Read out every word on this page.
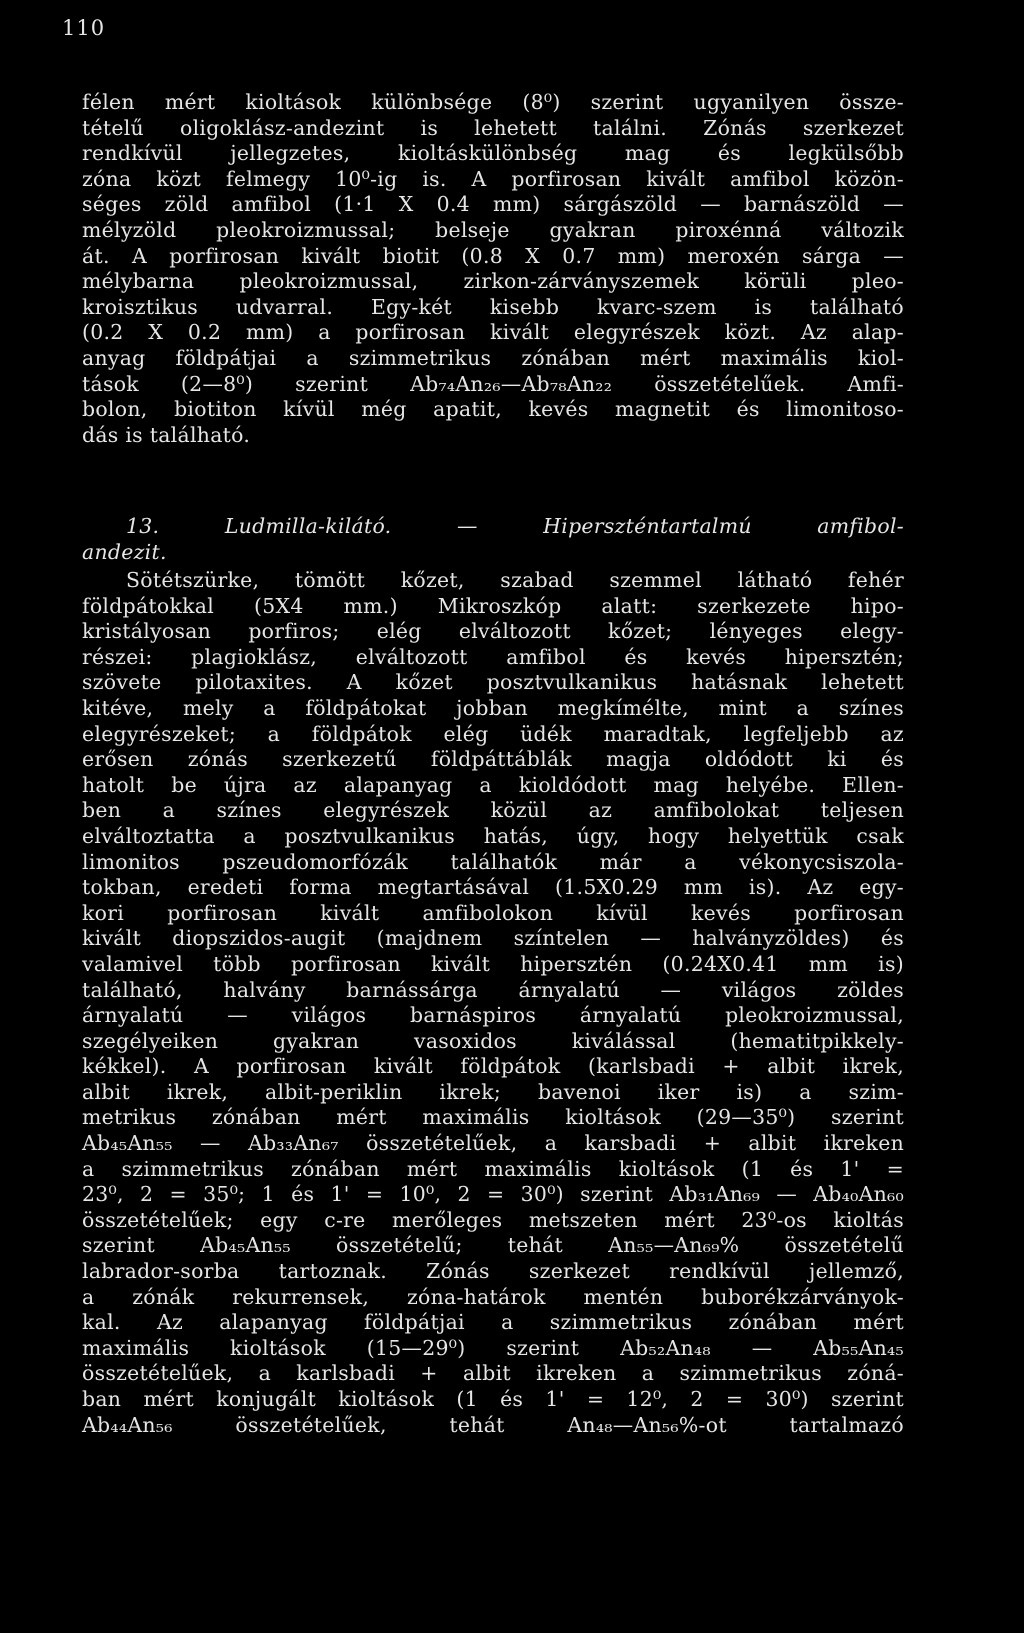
110

félen mért kioltások különbsége (8⁰) szerint ugyanilyen össze-

tételű oligoklász-andezint is lehetett találni. Zónás szerkezet

rendkívül jellegzetes, kioltáskülönbség mag és legkülsőbb

zóna közt felmegy 10⁰-ig is. A porfirosan kivált amfibol közön-

séges zöld amfibol (1·1 X 0.4 mm) sárgászöld — barnászöld —

mélyzöld pleokroizmussal; belseje gyakran piroxénná változik

át. A porfirosan kivált biotit (0.8 X 0.7 mm) meroxén sárga —

mélybarna pleokroizmussal, zirkon-zárványszemek körüli pleo-

kroisztikus udvarral. Egy-két kisebb kvarc-szem is található

(0.2 X 0.2 mm) a porfirosan kivált elegyrészek közt. Az alap-

anyag földpátjai a szimmetrikus zónában mért maximális kiol-

tások (2—8⁰) szerint Ab₇₄An₂₆—Ab₇₈An₂₂ összetételűek. Amfi-

bolon, biotiton kívül még apatit, kevés magnetit és limonitoso-

dás is található.

13. Ludmilla-kilátó. — Hiperszténtartalmú amfibol-

andezit.

Sötétszürke, tömött kőzet, szabad szemmel látható fehér

földpátokkal (5X4 mm.) Mikroszkóp alatt: szerkezete hipo-

kristályosan porfiros; elég elváltozott kőzet; lényeges elegy-

részei: plagioklász, elváltozott amfibol és kevés hipersztén;

szövete pilotaxites. A kőzet posztvulkanikus hatásnak lehetett

kitéve, mely a földpátokat jobban megkímélte, mint a színes

elegyrészeket; a földpátok elég üdék maradtak, legfeljebb az

erősen zónás szerkezetű földpáttáblák magja oldódott ki és

hatolt be újra az alapanyag a kioldódott mag helyébe. Ellen-

ben a színes elegyrészek közül az amfibolokat teljesen

elváltoztatta a posztvulkanikus hatás, úgy, hogy helyettük csak

limonitos pszeudomorfózák találhatók már a vékonycsiszola-

tokban, eredeti forma megtartásával (1.5X0.29 mm is). Az egy-

kori porfirosan kivált amfibolokon kívül kevés porfirosan

kivált diopszidos-augit (majdnem színtelen — halványzöldes) és

valamivel több porfirosan kivált hipersztén (0.24X0.41 mm is)

található, halvány barnássárga árnyalatú — világos zöldes

árnyalatú — világos barnáspiros árnyalatú pleokroizmussal,

szegélyeiken gyakran vasoxidos kiválással (hematitpikkely-

kékkel). A porfirosan kivált földpátok (karlsbadi + albit ikrek,

albit ikrek, albit-periklin ikrek; bavenoi iker is) a szim-

metrikus zónában mért maximális kioltások (29—35⁰) szerint

Ab₄₅An₅₅ — Ab₃₃An₆₇ összetételűek, a karsbadi + albit ikreken

a szimmetrikus zónában mért maximális kioltások (1 és 1' =

23⁰, 2 = 35⁰; 1 és 1' = 10⁰, 2 = 30⁰) szerint Ab₃₁An₆₉ — Ab₄₀An₆₀

összetételűek; egy c-re merőleges metszeten mért 23⁰-os kioltás

szerint Ab₄₅An₅₅ összetételű; tehát An₅₅—An₆₉% összetételű

labrador-sorba tartoznak. Zónás szerkezet rendkívül jellemző,

a zónák rekurrensek, zóna-határok mentén buborékzárványok-

kal. Az alapanyag földpátjai a szimmetrikus zónában mért

maximális kioltások (15—29⁰) szerint Ab₅₂An₄₈ — Ab₅₅An₄₅

összetételűek, a karlsbadi + albit ikreken a szimmetrikus zóná-

ban mért konjugált kioltások (1 és 1' = 12⁰, 2 = 30⁰) szerint

Ab₄₄An₅₆ összetételűek, tehát An₄₈—An₅₆%-ot tartalmazó
